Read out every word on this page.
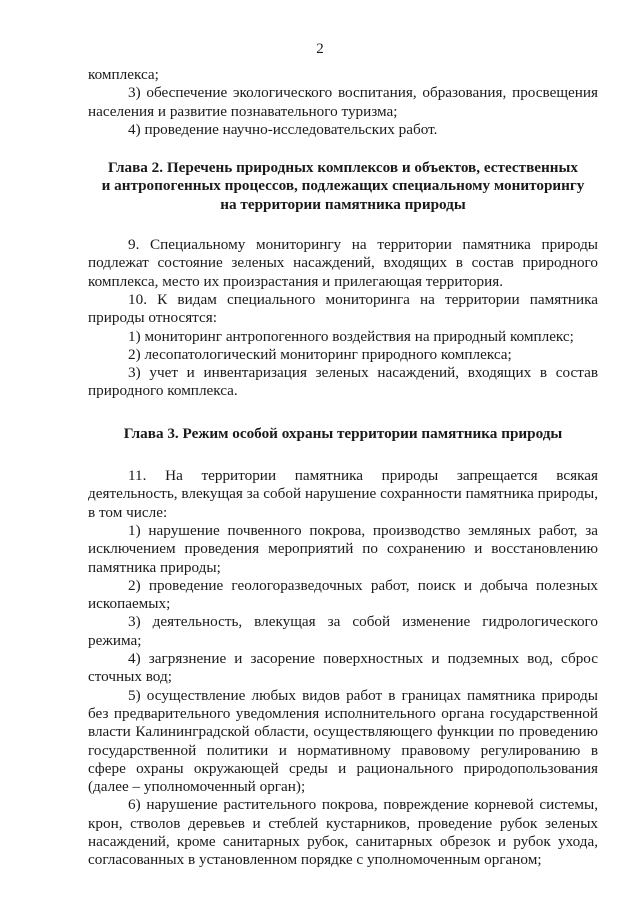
2

комплекса;

3) обеспечение экологического воспитания, образования, просвещения населения и развитие познавательного туризма;

4) проведение научно-исследовательских работ.

Глава 2. Перечень природных комплексов и объектов, естественных
и антропогенных процессов, подлежащих специальному мониторингу
на территории памятника природы

9. Специальному мониторингу на территории памятника природы подлежат состояние зеленых насаждений, входящих в состав природного комплекса, место их произрастания и прилегающая территория.

10. К видам специального мониторинга на территории памятника природы относятся:

1) мониторинг антропогенного воздействия на природный комплекс;

2) лесопатологический мониторинг природного комплекса;

3) учет и инвентаризация зеленых насаждений, входящих в состав природного комплекса.

Глава 3. Режим особой охраны территории памятника природы

11. На территории памятника природы запрещается всякая деятельность, влекущая за собой нарушение сохранности памятника природы, в том числе:

1) нарушение почвенного покрова, производство земляных работ, за исключением проведения мероприятий по сохранению и восстановлению памятника природы;

2) проведение геологоразведочных работ, поиск и добыча полезных ископаемых;

3) деятельность, влекущая за собой изменение гидрологического режима;

4) загрязнение и засорение поверхностных и подземных вод, сброс сточных вод;

5) осуществление любых видов работ в границах памятника природы без предварительного уведомления исполнительного органа государственной власти Калининградской области, осуществляющего функции по проведению государственной политики и нормативному правовому регулированию в сфере охраны окружающей среды и рационального природопользования (далее – уполномоченный орган);

6) нарушение растительного покрова, повреждение корневой системы, крон, стволов деревьев и стеблей кустарников, проведение рубок зеленых насаждений, кроме санитарных рубок, санитарных обрезок и рубок ухода, согласованных в установленном порядке с уполномоченным органом;
